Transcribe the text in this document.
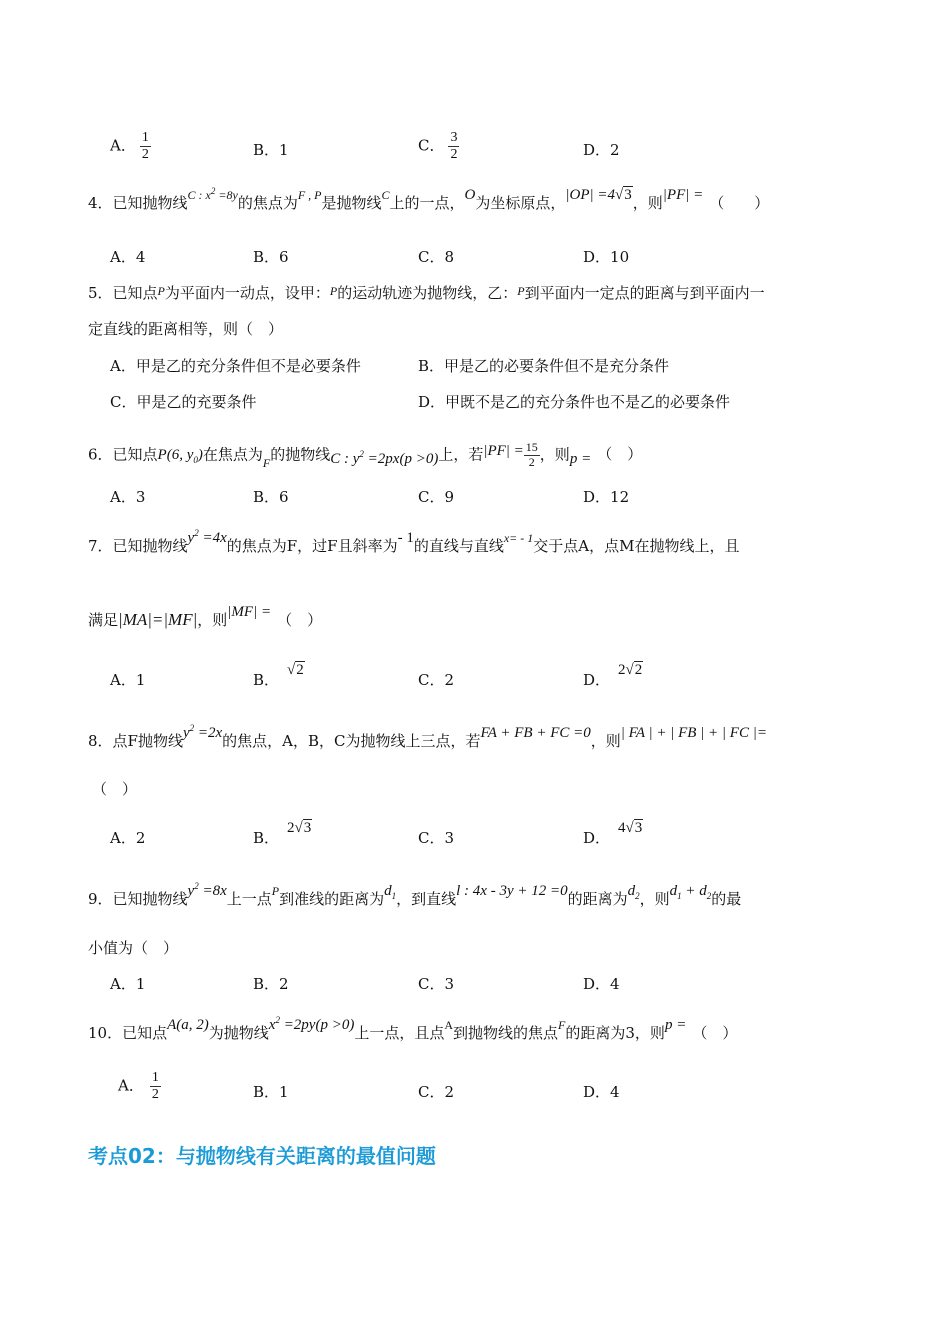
A． $\frac{1}{2}$	B．1	C． $\frac{3}{2}$	D．2
4．已知抛物线$^{C : x^2 =8y}$的焦点为$^{F , P}$是抛物线$^C$上的一点，O为坐标原点，|OP| =4√3，则|PF| = （　　）
A．4	B．6	C．8	D．10
5．已知点$^P$为平面内一动点，设甲：$^P$的运动轨迹为抛物线，乙：$^P$到平面内一定点的距离与到平面内一
定直线的距离相等，则（　）
A．甲是乙的充分条件但不是必要条件	B．甲是乙的必要条件但不是充分条件
C．甲是乙的充要条件	D．甲既不是乙的充分条件也不是乙的必要条件
6．已知点P(6, $y_0$)在焦点为$_F$的抛物线C : $y^2 =2px(p >0)$上，若$|PF| = \frac{15}{2}$ ，则p = （　）
A．3	B．6	C．9	D．12
7．已知抛物线$y^2 =4x$的焦点为F，过F且斜率为- 1的直线与直线$^{x= - 1}$交于点A，点M在抛物线上，且
满足|MA|=|MF|，则|MF| = （　）
A．1	B．√2
C．2	D．2√2
8．点F抛物线$y^2 =2x$的焦点，A，B，C为抛物线上三点，若FA + FB + FC =0，则| FA | + | FB | + | FC |=
（　）
A．2	B．2√3
C．3	D．4√3
9．已知抛物线$y^2 =8x$上一点$^P$到准线的距离为$d_1$，到直线l : 4x - 3y + 12 =0的距离为$d_2$，则$d_1 + d_2$的最
小值为（　）
A．1	B．2	C．3	D．4
10．已知点A(a, 2)为抛物线$x^2 =2py(p >0)$上一点，且点$^A$到抛物线的焦点$^F$的距离为3，则p = （　）
A． $\frac{1}{2}$	B．1	C．2	D．4
考点02：与抛物线有关距离的最值问题
